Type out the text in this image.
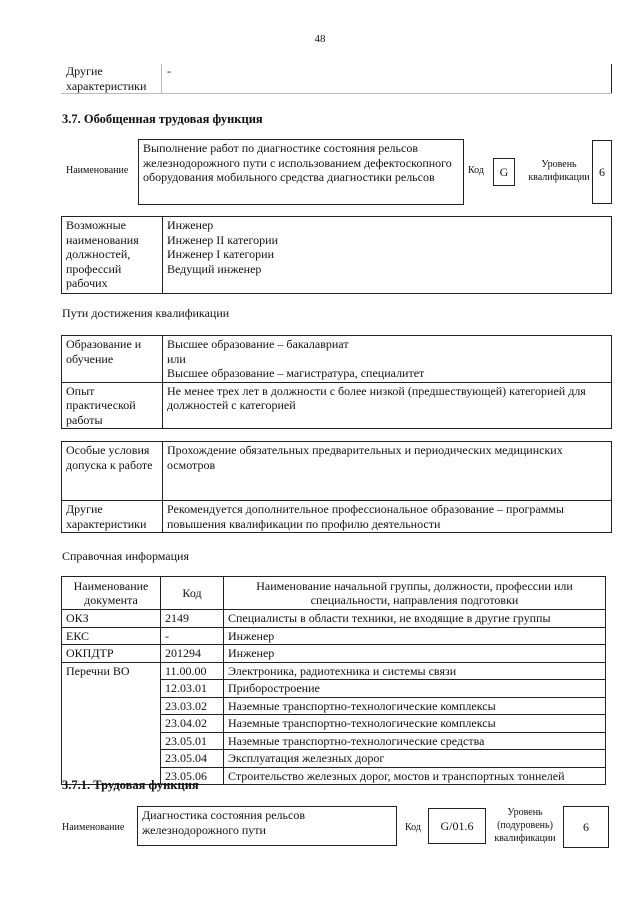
48
Другие характеристики
-
3.7. Обобщенная трудовая функция
Наименование
Выполнение работ по диагностике состояния рельсов железнодорожного пути с использованием дефектоскопного оборудования мобильного средства диагностики рельсов	Код	G
Уровень квалификации 6
Возможные наименования должностей, профессий рабочих	
Инженер
Инженер II категории
Инженер I категории
Ведущий инженер
Пути достижения квалификации
Образование и обучение	Высшее образование – бакалавриат
или
Высшее образование – магистратура, специалитет

Опыт практической работы	Не менее трех лет в должности с более низкой (предшествующей) категорией для должностей с категорией
Особые условия допуска к работе	Прохождение обязательных предварительных и периодических медицинских осмотров
Другие характеристики	Рекомендуется дополнительное профессиональное образование – программы повышения квалификации по профилю деятельности
Справочная информация
Наименование документа	Код	Наименование начальной группы, должности, профессии или специальности, направления подготовки
ОКЗ	2149	Специалисты в области техники, не входящие в другие группы
ЕКС	-	Инженер
ОКПДТР	201294	Инженер
Перечни ВО	11.00.00	Электроника, радиотехника и системы связи
	12.03.01	Приборостроение
	23.03.02	Наземные транспортно-технологические комплексы
	23.04.02	Наземные транспортно-технологические комплексы
	23.05.01	Наземные транспортно-технологические средства
	23.05.04	Эксплуатация железных дорог
	23.05.06	Строительство железных дорог, мостов и транспортных тоннелей
3.7.1. Трудовая функция
Наименование
Диагностика состояния рельсов железнодорожного пути	Код	G/01.6
Уровень (подуровень) квалификации
6
